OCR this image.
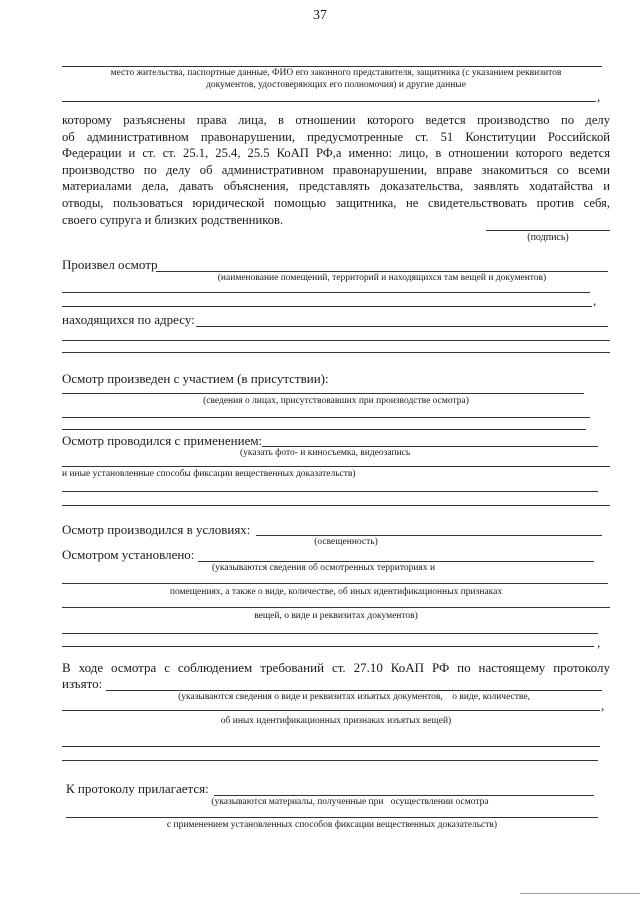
37
место жительства, паспортные данные, ФИО его законного представителя, защитника (с указанием реквизитов
документов, удостоверяющих его полномочия) и другие данные
,
которому разъяснены права лица, в отношении которого ведется производство по делу
об административном правонарушении, предусмотренные ст. 51 Конституции Российской
Федерации и ст. ст. 25.1, 25.4, 25.5 КоАП РФ,а именно: лицо, в отношении которого ведется
производство по делу об административном правонарушении, вправе знакомиться со всеми
материалами дела, давать объяснения, представлять доказательства, заявлять ходатайства и
отводы, пользоваться юридической помощью защитника, не свидетельствовать против себя,
своего супруга и близких родственников.
(подпись)
Произвел осмотр
(наименование помещений, территорий и находящихся там вещей и документов)
,
находящихся по адресу:
Осмотр произведен с участием (в присутствии):
(сведения о лицах, присутствовавших при производстве осмотра)
Осмотр проводился с применением:
(указать фото- и киносъемка, видеозапись
и иные установленные способы фиксации вещественных доказательств)
Осмотр производился в условиях:
(освещенность)
Осмотром установлено:
(указываются сведения об осмотренных территориях и
помещениях, а также о виде, количестве, об иных идентификационных признаках
вещей, о виде и реквизитах документов)
,
В ходе осмотра с соблюдением требований ст. 27.10 КоАП РФ по настоящему протоколу
изъято:
(указываются сведения о виде и реквизитах изъятых документов,    о виде, количестве,
,
об иных идентификационных признаках изъятых вещей)
К протоколу прилагается:
(указываются материалы, полученные при   осуществлении осмотра
с применением установленных способов фиксации вещественных доказательств)
